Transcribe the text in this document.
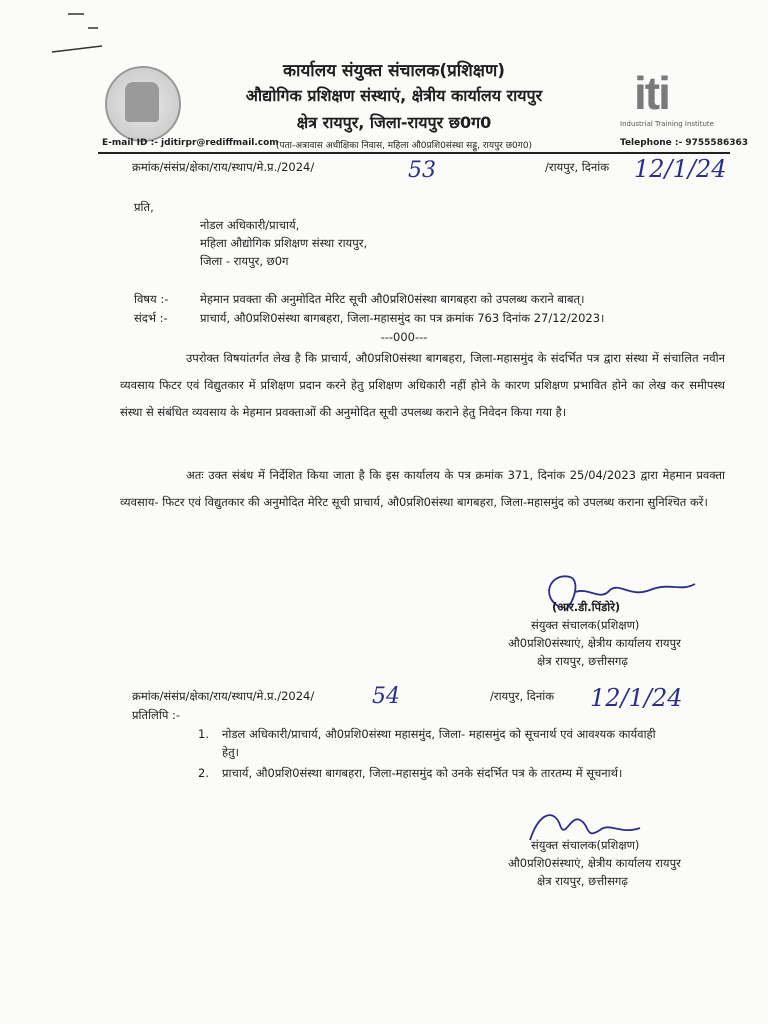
कार्यालय संयुक्त संचालक(प्रशिक्षण)
औद्योगिक प्रशिक्षण संस्थाएं, क्षेत्रीय कार्यालय रायपुर
क्षेत्र रायपुर, जिला-रायपुर छ0ग0
(पता-अत्रावास अधीक्षिका निवास, महिला औ0प्रशि0संस्था सड्डू, रायपुर छ0ग0)
E-mail ID :- jditirpr@rediffmail.com	Telephone :- 9755586363
iti
Industrial Training Institute
क्रमांक/संसंप्र/क्षेका/राय/स्थाप/मे.प्र./2024/	53	/रायपुर, दिनांक 12/1/24
प्रति,
नोडल अधिकारी/प्राचार्य,
महिला औद्योगिक प्रशिक्षण संस्था रायपुर,
जिला - रायपुर, छ0ग
विषय :-	मेहमान प्रवक्ता की अनुमोदित मेरिट सूची औ0प्रशि0संस्था बागबहरा को उपलब्ध कराने बाबत्।
संदर्भ :-	प्राचार्य, औ0प्रशि0संस्था बागबहरा, जिला-महासमुंद का पत्र क्रमांक 763 दिनांक 27/12/2023।
---000---
उपरोक्त विषयांतर्गत लेख है कि प्राचार्य, औ0प्रशि0संस्था बागबहरा, जिला-महासमुंद के संदर्भित पत्र द्वारा संस्था में संचालित नवीन व्यवसाय फिटर एवं विद्युतकार में प्रशिक्षण प्रदान करने हेतु प्रशिक्षण अधिकारी नहीं होने के कारण प्रशिक्षण प्रभावित होने का लेख कर समीपस्थ संस्था से संबंधित व्यवसाय के मेहमान प्रवक्ताओं की अनुमोदित सूची उपलब्ध कराने हेतु निवेदन किया गया है।
अतः उक्त संबंध में निर्देशित किया जाता है कि इस कार्यालय के पत्र क्रमांक 371, दिनांक 25/04/2023 द्वारा मेहमान प्रवक्ता व्यवसाय- फिटर एवं विद्युतकार की अनुमोदित मेरिट सूची प्राचार्य, औ0प्रशि0संस्था बागबहरा, जिला-महासमुंद को उपलब्ध कराना सुनिश्चित करें।
(आर.डी.पिंडोरे)
संयुक्त संचालक(प्रशिक्षण)
औ0प्रशि0संस्थाएं, क्षेत्रीय कार्यालय रायपुर
क्षेत्र रायपुर, छत्तीसगढ़
क्रमांक/संसंप्र/क्षेका/राय/स्थाप/मे.प्र./2024/	54	/रायपुर, दिनांक 12/1/24
प्रतिलिपि :-
1. नोडल अधिकारी/प्राचार्य, औ0प्रशि0संस्था महासमुंद, जिला- महासमुंद को सूचनार्थ एवं आवश्यक कार्यवाही
हेतु।
2. प्राचार्य, औ0प्रशि0संस्था बागबहरा, जिला-महासमुंद को उनके संदर्भित पत्र के तारतम्य में सूचनार्थ।
संयुक्त संचालक(प्रशिक्षण)
औ0प्रशि0संस्थाएं, क्षेत्रीय कार्यालय रायपुर
क्षेत्र रायपुर, छत्तीसगढ़
